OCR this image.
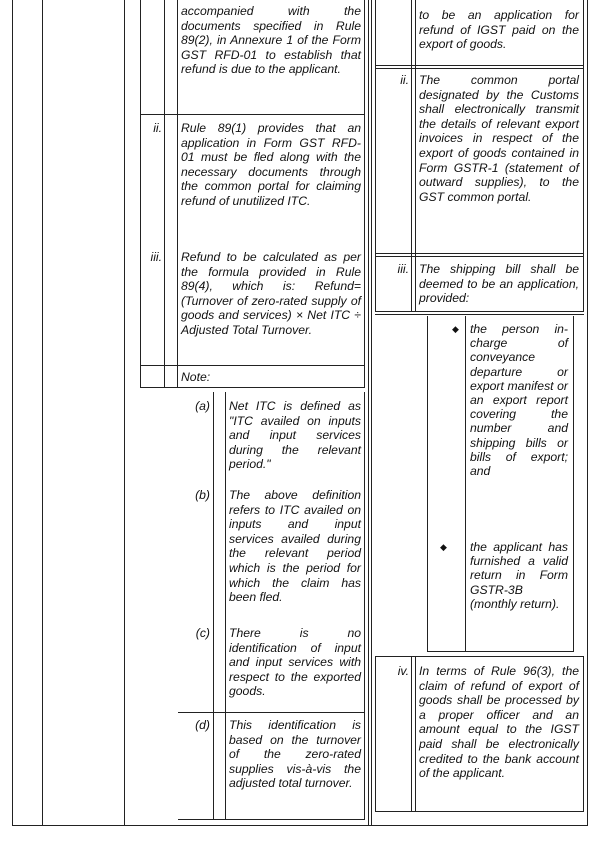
accompanied with the documents specified in Rule 89(2), in Annexure 1 of the Form GST RFD-01 to establish that refund is due to the applicant.
ii. Rule 89(1) provides that an application in Form GST RFD- 01 must be fled along with the necessary documents through the common portal for claiming refund of unutilized ITC.
iii. Refund to be calculated as per the formula provided in Rule 89(4), which is: Refund=(Turnover of zero-rated supply of goods and services) × Net ITC ÷ Adjusted Total Turnover.
Note:
(a) Net ITC is defined as "ITC availed on inputs and input services during the relevant period."
(b) The above definition refers to ITC availed on inputs and input services availed during the relevant period which is the period for which the claim has been fled.
(c) There is no identification of input and input services with respect to the exported goods.
(d) This identification is based on the turnover of the zero-rated supplies vis-à-vis the adjusted total turnover.
to be an application for refund of IGST paid on the export of goods.
ii. The common portal designated by the Customs shall electronically transmit the details of relevant export invoices in respect of the export of goods contained in Form GSTR-1 (statement of outward supplies), to the GST common portal.
iii. The shipping bill shall be deemed to be an application, provided:
◆ the person in-charge of conveyance departure or export manifest or an export report covering the number and shipping bills or bills of export; and
◆ the applicant has furnished a valid return in Form GSTR-3B (monthly return).
iv. In terms of Rule 96(3), the claim of refund of export of goods shall be processed by a proper officer and an amount equal to the IGST paid shall be electronically credited to the bank account of the applicant.
